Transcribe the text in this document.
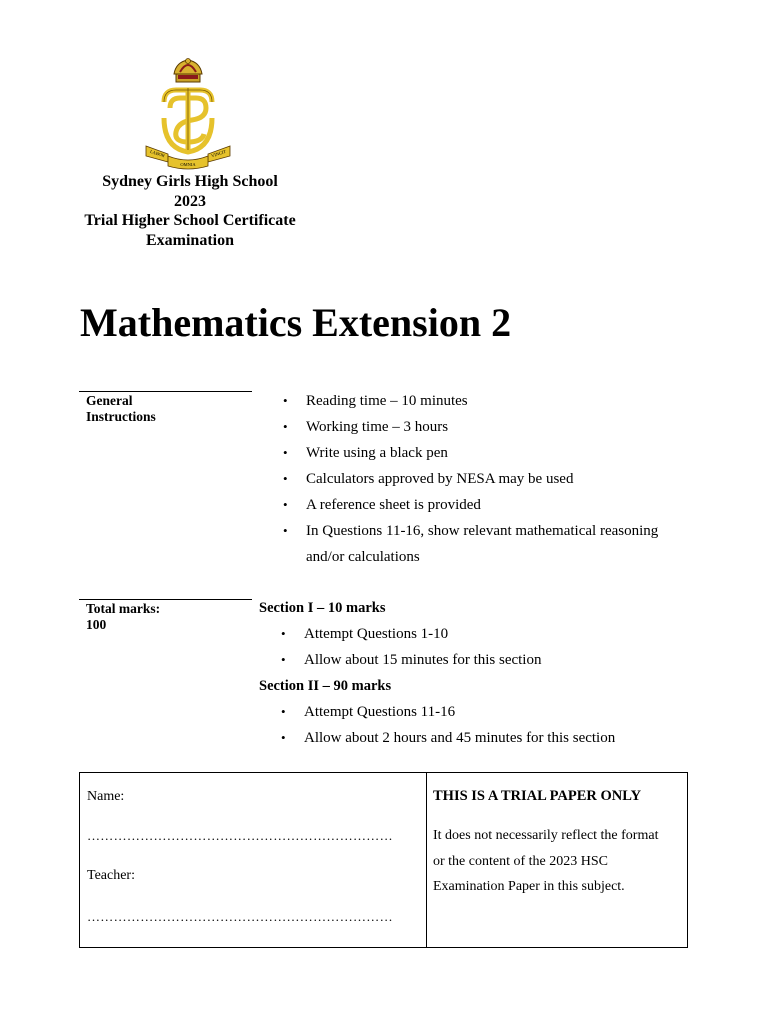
LABOR
OMNIA
VINCIT
Sydney Girls High School
2023
Trial Higher School Certificate
Examination
Mathematics Extension 2
General
Instructions
• Reading time – 10 minutes
• Working time – 3 hours
• Write using a black pen
• Calculators approved by NESA may be used
• A reference sheet is provided
• In Questions 11-16, show relevant mathematical reasoning
and/or calculations
Total marks:
100
Section I – 10 marks
• Attempt Questions 1-10
• Allow about 15 minutes for this section
Section II – 90 marks
• Attempt Questions 11-16
• Allow about 2 hours and 45 minutes for this section
Name:
……………………………………………………………
Teacher:
……………………………………………………………
THIS IS A TRIAL PAPER ONLY
It does not necessarily reflect the format
or the content of the 2023 HSC
Examination Paper in this subject.
